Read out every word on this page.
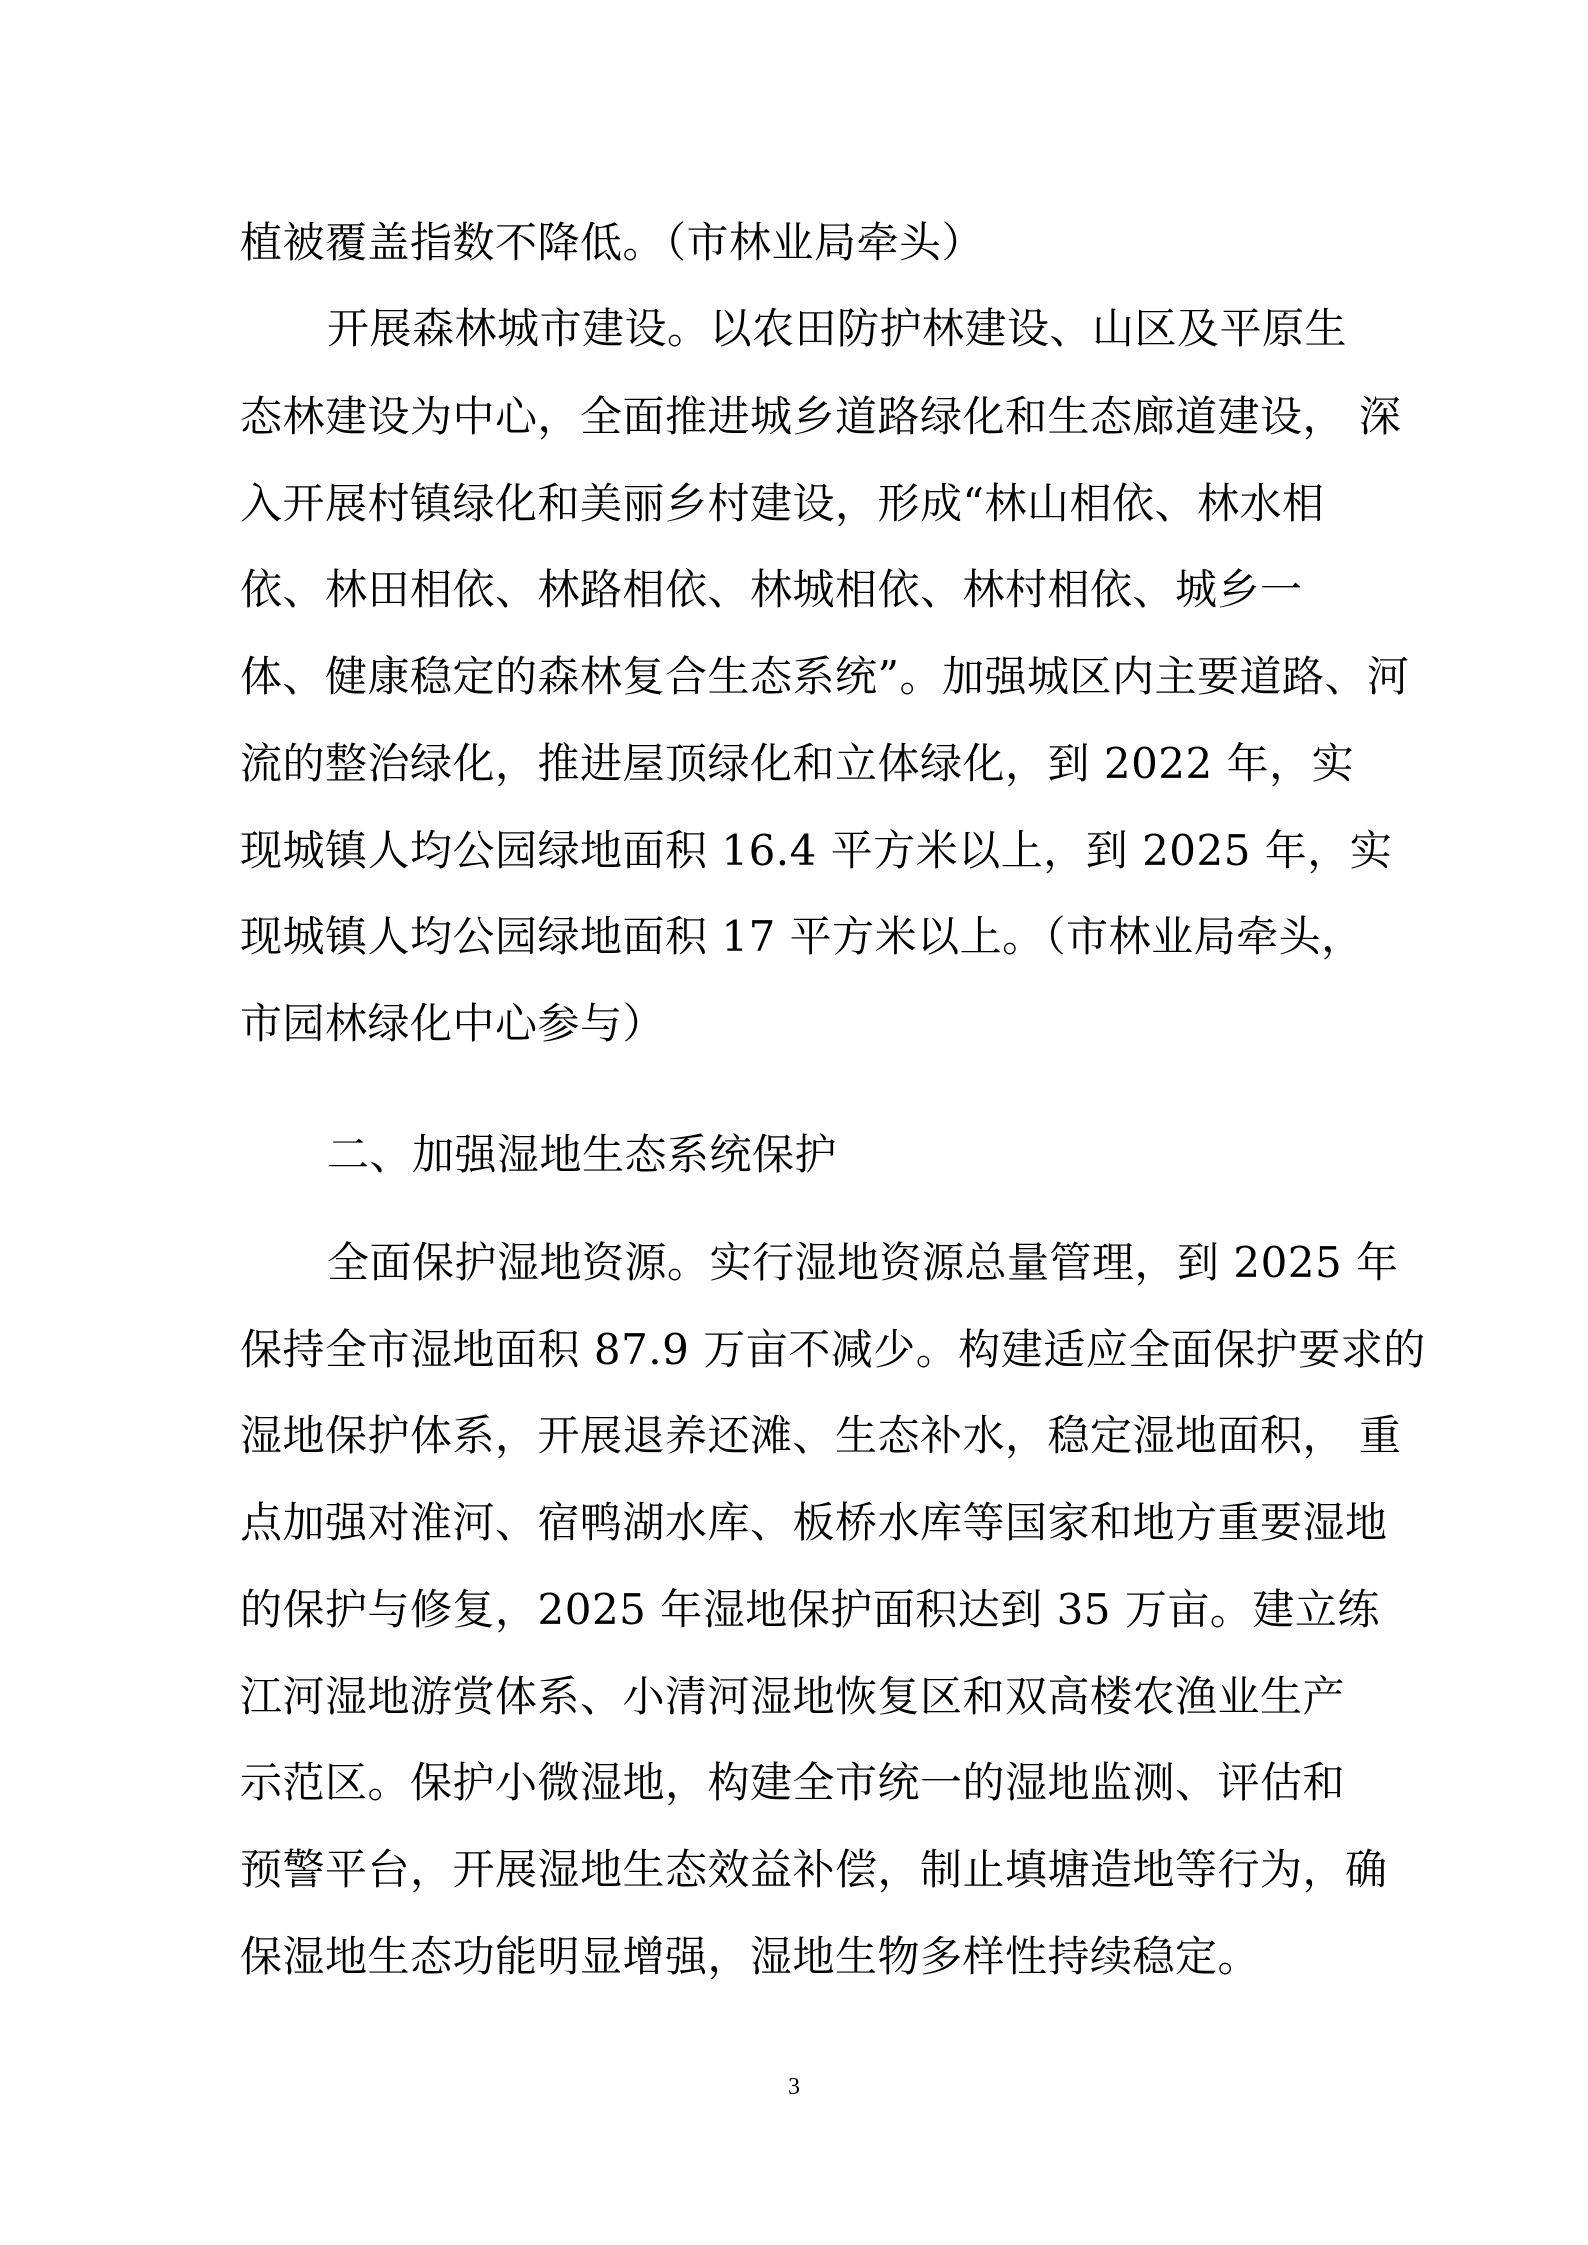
植被覆盖指数不降低。（市林业局牵头）
开展森林城市建设。以农田防护林建设、山区及平原生
态林建设为中心，全面推进城乡道路绿化和生态廊道建设， 深
入开展村镇绿化和美丽乡村建设，形成“林山相依、林水相
依、林田相依、林路相依、林城相依、林村相依、城乡一
体、健康稳定的森林复合生态系统”。加强城区内主要道路、河
流的整治绿化，推进屋顶绿化和立体绿化，到 2022 年，实
现城镇人均公园绿地面积 16.4 平方米以上，到 2025 年，实
现城镇人均公园绿地面积 17 平方米以上。（市林业局牵头，
市园林绿化中心参与）
二、加强湿地生态系统保护
全面保护湿地资源。实行湿地资源总量管理，到 2025 年
保持全市湿地面积 87.9 万亩不减少。构建适应全面保护要求的
湿地保护体系，开展退养还滩、生态补水，稳定湿地面积， 重
点加强对淮河、宿鸭湖水库、板桥水库等国家和地方重要湿地
的保护与修复，2025 年湿地保护面积达到 35 万亩。建立练
江河湿地游赏体系、小清河湿地恢复区和双高楼农渔业生产
示范区。保护小微湿地，构建全市统一的湿地监测、评估和
预警平台，开展湿地生态效益补偿，制止填塘造地等行为，确
保湿地生态功能明显增强，湿地生物多样性持续稳定。
3
